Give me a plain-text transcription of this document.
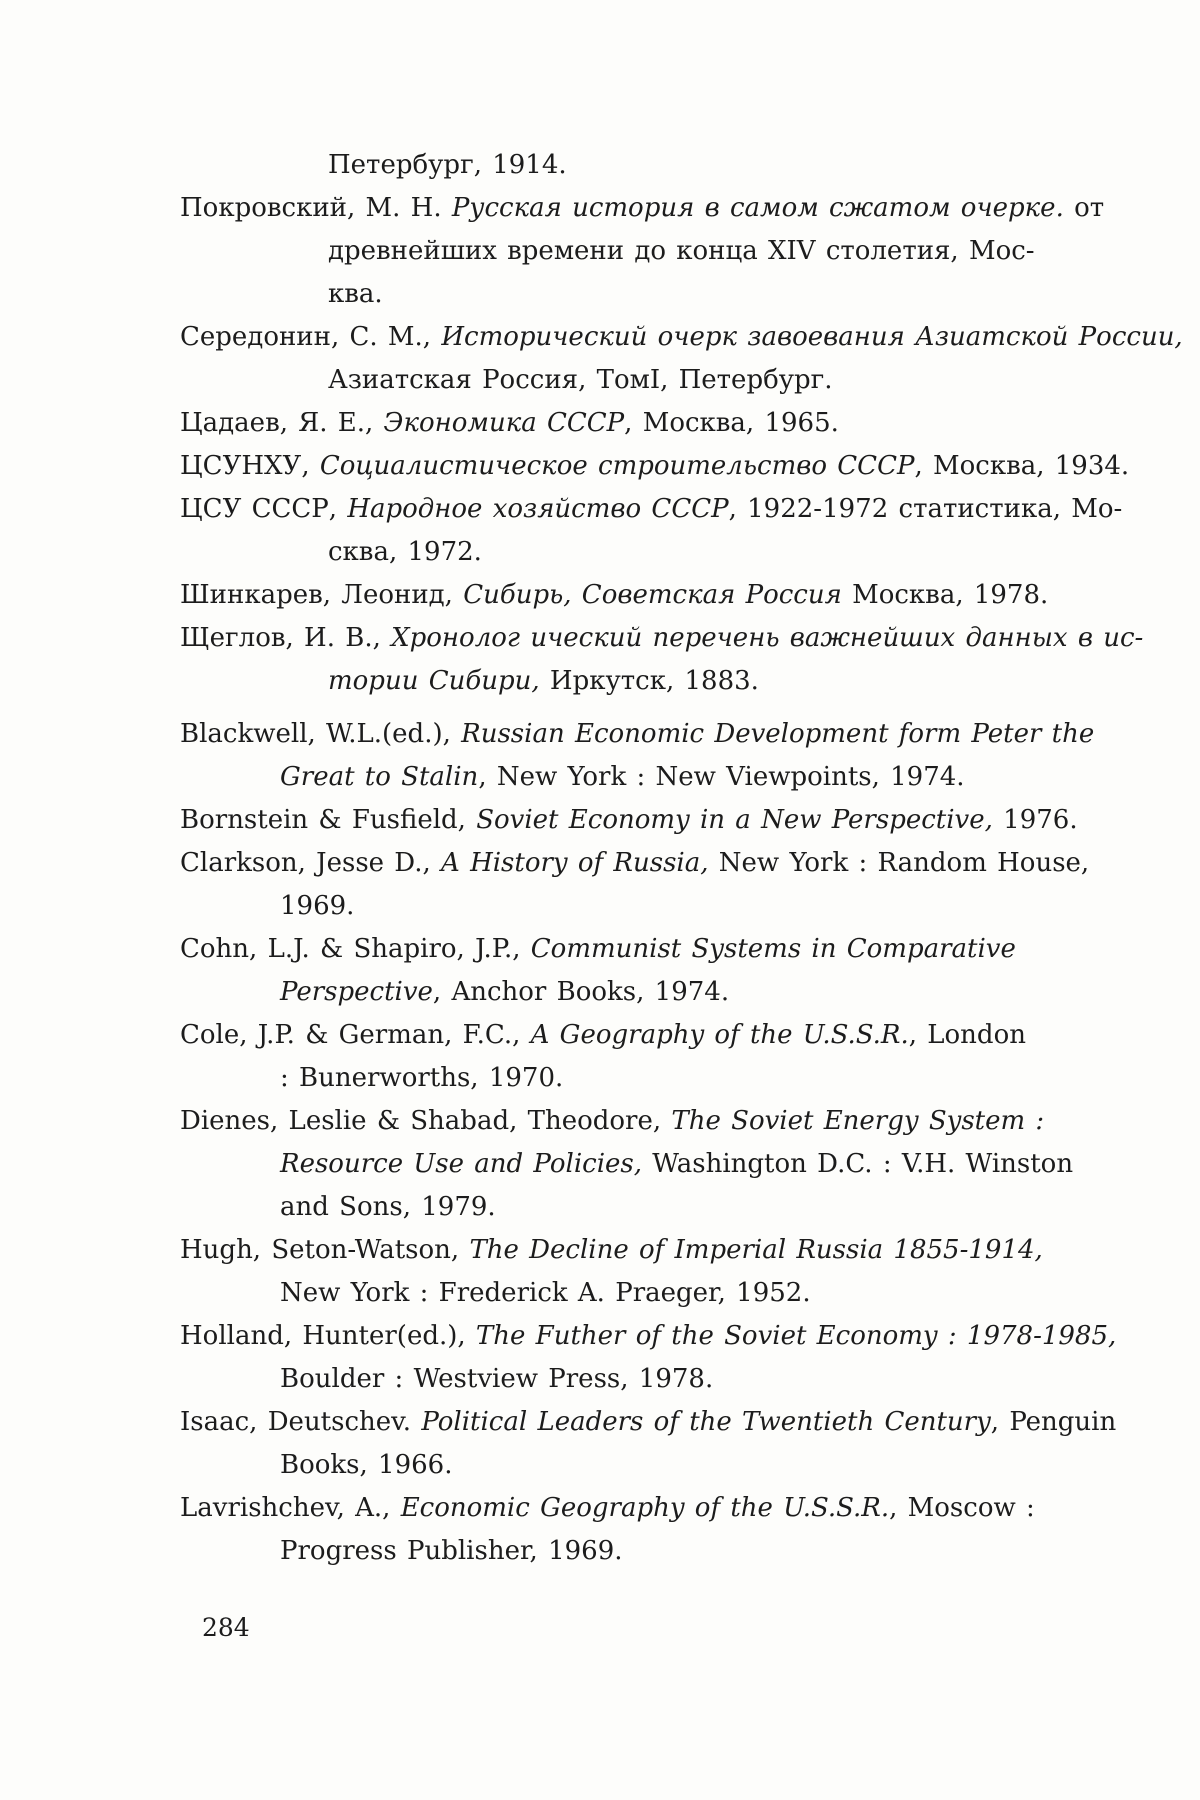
Петербург, 1914.
Покровский, М. Н. Русская история в самом сжатом очерке. от
древнейших времени до конца XIV столетия, Мос-
ква.
Середонин, С. М., Исторический очерк завоевания Азиатской России,
Азиатская Россия, ТомI, Петербург.
Цадаев, Я. Е., Экономика СССР, Москва, 1965.
ЦСУНХУ, Социалистическое строительство СССР, Москва, 1934.
ЦСУ СССР, Народное хозяйство СССР, 1922-1972 статистика, Мо-
сква, 1972.
Шинкарев, Леонид, Сибирь, Советская Россия Москва, 1978.
Щеглов, И. В., Хронолог ический перечень важнейших данных в ис-
тории Сибири, Иркутск, 1883.
Blackwell, W.L.(ed.), Russian Economic Development form Peter the
Great to Stalin, New York : New Viewpoints, 1974.
Bornstein & Fusfield, Soviet Economy in a New Perspective, 1976.
Clarkson, Jesse D., A History of Russia, New York : Random House,
1969.
Cohn, L.J. & Shapiro, J.P., Communist Systems in Comparative
Perspective, Anchor Books, 1974.
Cole, J.P. & German, F.C., A Geography of the U.S.S.R., London
: Bunerworths, 1970.
Dienes, Leslie & Shabad, Theodore, The Soviet Energy System :
Resource Use and Policies, Washington D.C. : V.H. Winston
and Sons, 1979.
Hugh, Seton-Watson, The Decline of Imperial Russia 1855-1914,
New York : Frederick A. Praeger, 1952.
Holland, Hunter(ed.), The Futher of the Soviet Economy : 1978-1985,
Boulder : Westview Press, 1978.
Isaac, Deutschev. Political Leaders of the Twentieth Century, Penguin
Books, 1966.
Lavrishchev, A., Economic Geography of the U.S.S.R., Moscow :
Progress Publisher, 1969.
284
